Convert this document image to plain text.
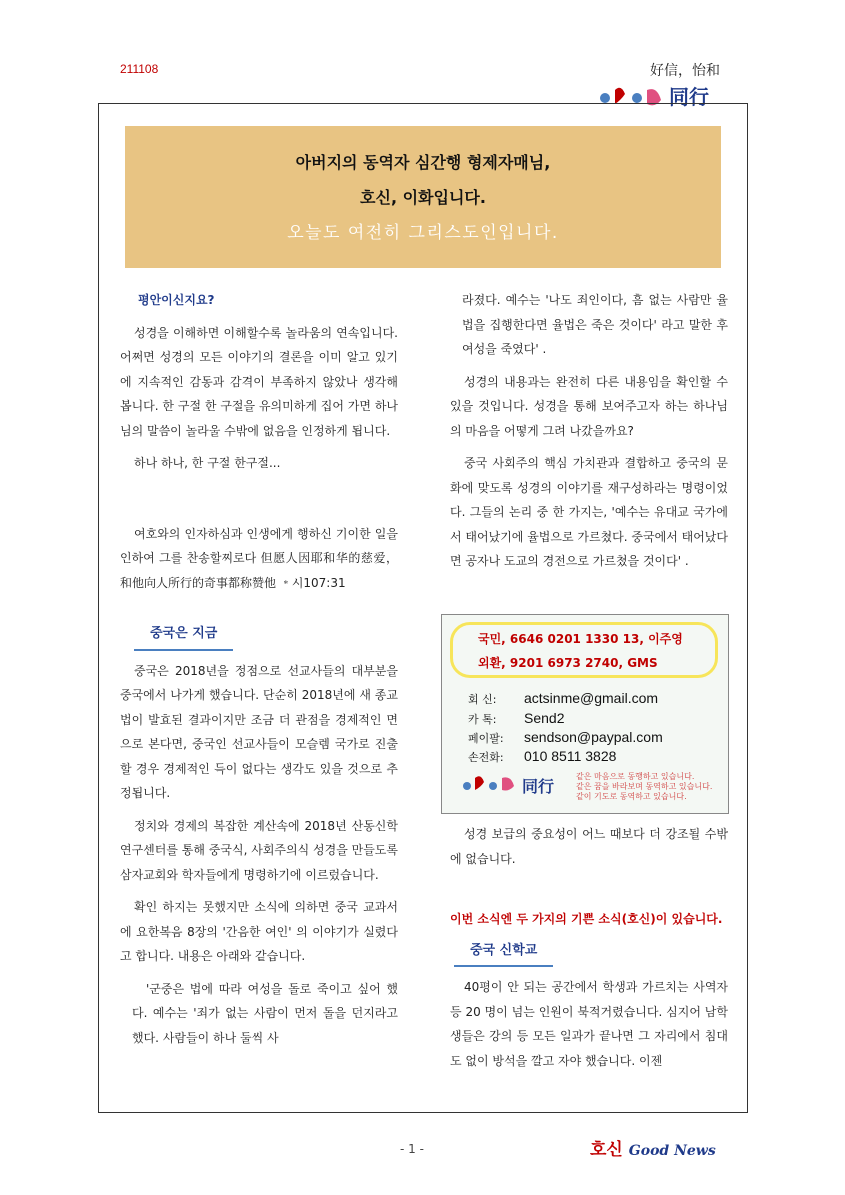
211108	好信，怡和
同行
아버지의 동역자 심간행 형제자매님,
호신, 이화입니다.
오늘도 여전히 그리스도인입니다.

평안이신지요?

성경을 이해하면 이해할수록 놀라움의 연속입니다. 어쩌면 성경의 모든 이야기의 결론을 이미 알고 있기에 지속적인 감동과 감격이 부족하지 않았나 생각해 봅니다. 한 구절 한 구절을 유의미하게 집어 가면 하나님의 말씀이 놀라울 수밖에 없음을 인정하게 됩니다.

하나 하나, 한 구절 한구절...

여호와의 인자하심과 인생에게 행하신 기이한 일을 인하여 그를 찬송할찌로다 但愿人因耶和华的慈爱，和他向人所行的奇事都称赞他 ﹡시107:31

중국은 지금

중국은 2018년을 정점으로 선교사들의 대부분을 중국에서 나가게 했습니다. 단순히 2018년에 새 종교법이 발효된 결과이지만 조금 더 관점을 경제적인 면으로 본다면, 중국인 선교사들이 모슬렘 국가로 진출할 경우 경제적인 득이 없다는 생각도 있을 것으로 추정됩니다.

정치와 경제의 복잡한 계산속에 2018년 산동신학연구센터를 통해 중국식, 사회주의식 성경을 만들도록 삼자교회와 학자들에게 명령하기에 이르렀습니다.

확인 하지는 못했지만 소식에 의하면 중국 교과서에 요한복음 8장의 '간음한 여인' 의 이야기가 실렸다고 합니다. 내용은 아래와 같습니다.

'군중은 법에 따라 여성을 돌로 죽이고 싶어 했다. 예수는 '죄가 없는 사람이 먼저 돌을 던지라고 했다. 사람들이 하나 둘씩 사

라졌다. 예수는 '나도 죄인이다, 흠 없는 사람만 율법을 집행한다면 율법은 죽은 것이다' 라고 말한 후 여성을 죽였다' .

성경의 내용과는 완전히 다른 내용임을 확인할 수 있을 것입니다. 성경을 통해 보여주고자 하는 하나님의 마음을 어떻게 그려 나갔을까요?

중국 사회주의 핵심 가치관과 결합하고 중국의 문화에 맞도록 성경의 이야기를 재구성하라는 명령이었다. 그들의 논리 중 한 가지는, '예수는 유대교 국가에서 태어났기에 율법으로 가르쳤다. 중국에서 태어났다면 공자나 도교의 경전으로 가르쳤을 것이다' .

국민, 6646 0201 1330 13, 이주영
외환, 9201 6973 2740, GMS
회 신: actsinme@gmail.com
카 톡: Send2
페이팔: sendson@paypal.com
손전화: 010 8511 3828
同行
같은 마음으로 동행하고 있습니다.
같은 꿈을 바라보며 동역하고 있습니다.
같이 기도로 동역하고 있습니다.

성경 보급의 중요성이 어느 때보다 더 강조될 수밖에 없습니다.

이번 소식엔 두 가지의 기쁜 소식(호신)이 있습니다.

중국 신학교

40평이 안 되는 공간에서 학생과 가르치는 사역자 등 20 명이 넘는 인원이 북적거렸습니다. 심지어 남학생들은 강의 등 모든 일과가 끝나면 그 자리에서 침대도 없이 방석을 깔고 자야 했습니다. 이젠

- 1 -	호신 Good News
